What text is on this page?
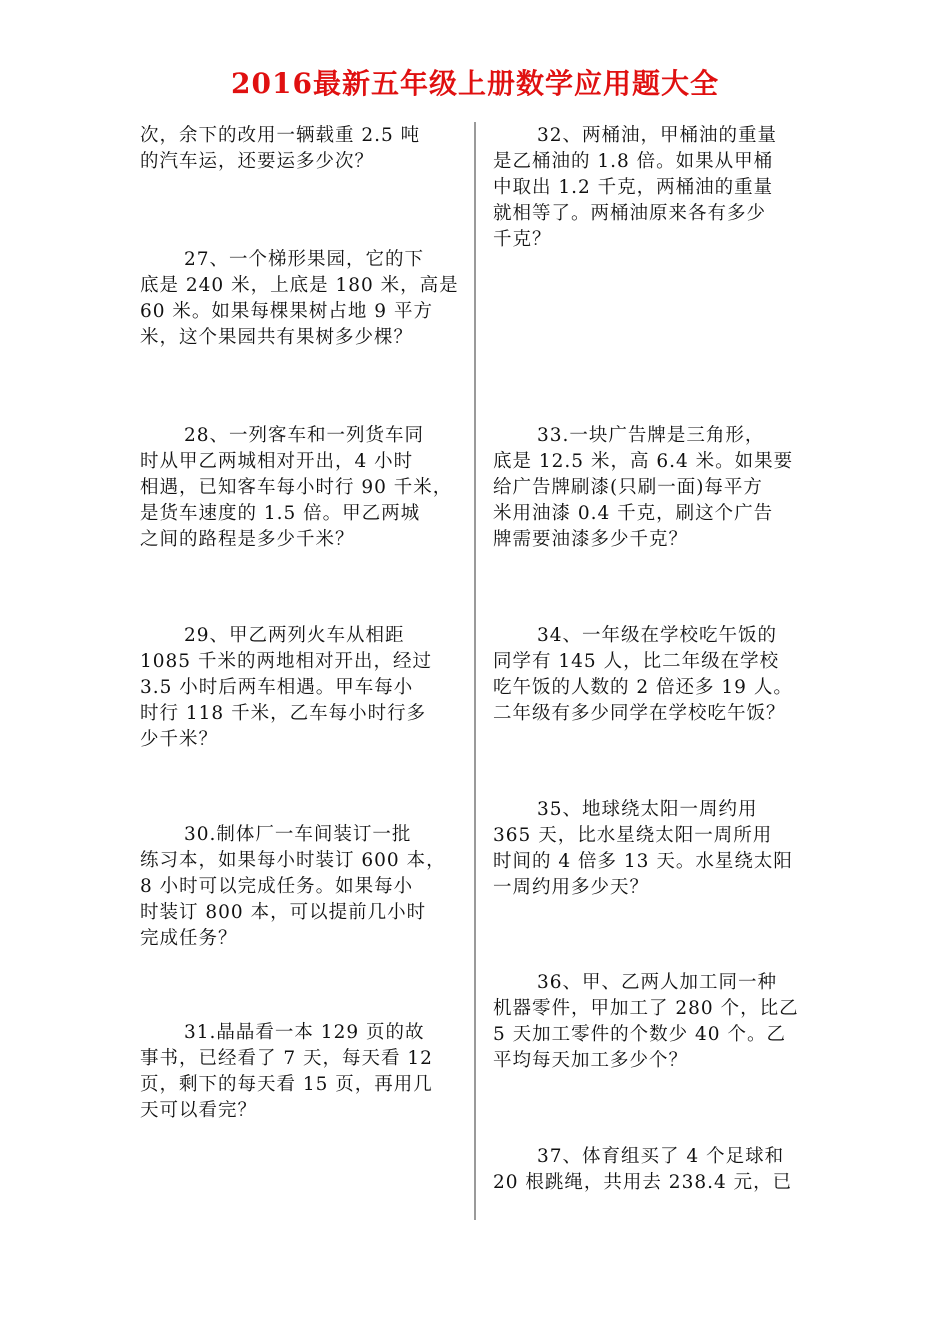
2016最新五年级上册数学应用题大全
次，余下的改用一辆载重 2.5 吨
的汽车运，还要运多少次？
27、一个梯形果园，它的下
底是 240 米，上底是 180 米，高是
60 米。如果每棵果树占地 9 平方
米，这个果园共有果树多少棵？
28、一列客车和一列货车同
时从甲乙两城相对开出，4 小时
相遇，已知客车每小时行 90 千米，
是货车速度的 1.5 倍。甲乙两城
之间的路程是多少千米？
29、甲乙两列火车从相距
1085 千米的两地相对开出，经过
3.5 小时后两车相遇。甲车每小
时行 118 千米，乙车每小时行多
少千米？
30.制体厂一车间装订一批
练习本，如果每小时装订 600 本，
8 小时可以完成任务。如果每小
时装订 800 本，可以提前几小时
完成任务？
31.晶晶看一本 129 页的故
事书，已经看了 7 天，每天看 12
页，剩下的每天看 15 页，再用几
天可以看完？
32、两桶油，甲桶油的重量
是乙桶油的 1.8 倍。如果从甲桶
中取出 1.2 千克，两桶油的重量
就相等了。两桶油原来各有多少
千克？
33.一块广告牌是三角形，
底是 12.5 米，高 6.4 米。如果要
给广告牌刷漆(只刷一面)每平方
米用油漆 0.4 千克，刷这个广告
牌需要油漆多少千克？
34、一年级在学校吃午饭的
同学有 145 人，比二年级在学校
吃午饭的人数的 2 倍还多 19 人。
二年级有多少同学在学校吃午饭？
35、地球绕太阳一周约用
365 天，比水星绕太阳一周所用
时间的 4 倍多 13 天。水星绕太阳
一周约用多少天？
36、甲、乙两人加工同一种
机器零件，甲加工了 280 个，比乙
5 天加工零件的个数少 40 个。乙
平均每天加工多少个？
37、体育组买了 4 个足球和
20 根跳绳，共用去 238.4 元，已
